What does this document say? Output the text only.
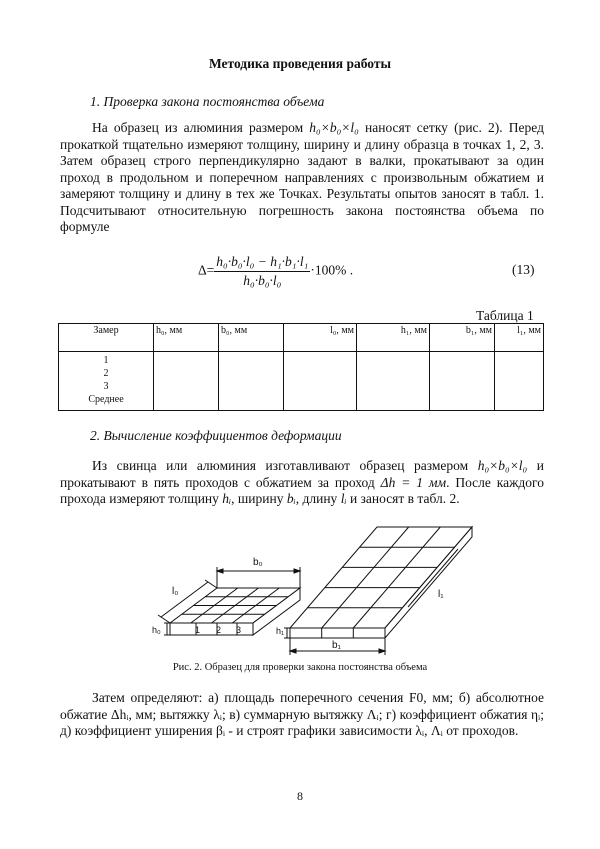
Методика проведения работы
1. Проверка закона постоянства объема

На образец из алюминия размером h₀×b₀×l₀ наносят сетку (рис. 2). Перед прокаткой тщательно измеряют толщину, ширину и длину образца в точках 1, 2, 3. Затем образец строго перпендикулярно задают в валки, прокатывают за один проход в продольном и поперечном направлениях с произвольным обжатием и замеряют толщину и длину в тех же Точках. Результаты опытов заносят в табл. 1. Подсчитывают относительную погрешность закона постоянства объема по формуле

$\Delta= \frac{\text{h₀·b₀·l₀ − h₁·b₁·l₁}}{\text{h₀·b₀·l₀}} \cdot 100\%$ .	(13)
Таблица 1
Замер	h₀, мм	b₀, мм	l₀, мм	h₁, мм	b₁, мм	l₁, мм

1
2
3
Среднее						

2. Вычисление коэффициентов деформации

Из свинца или алюминия изготавливают образец размером h₀×b₀×l₀ и прокатывают в пять проходов с обжатием за проход Δh = 1 мм. После каждого прохода измеряют толщину hᵢ, ширину bᵢ, длину lᵢ и заносят в табл. 2.

b₀
l₀
h₀	1 2 3
b₁
l₁
h₁
Рис. 2. Образец для проверки закона постоянства объема

Затем определяют: а) площадь поперечного сечения F0, мм; б) абсолютное обжатие Δhᵢ, мм; вытяжку λᵢ; в) суммарную вытяжку Λᵢ; г) коэффициент обжатия ηᵢ; д) коэффициент уширения βᵢ - и строят графики зависимости λᵢ, Λᵢ от проходов.

8
